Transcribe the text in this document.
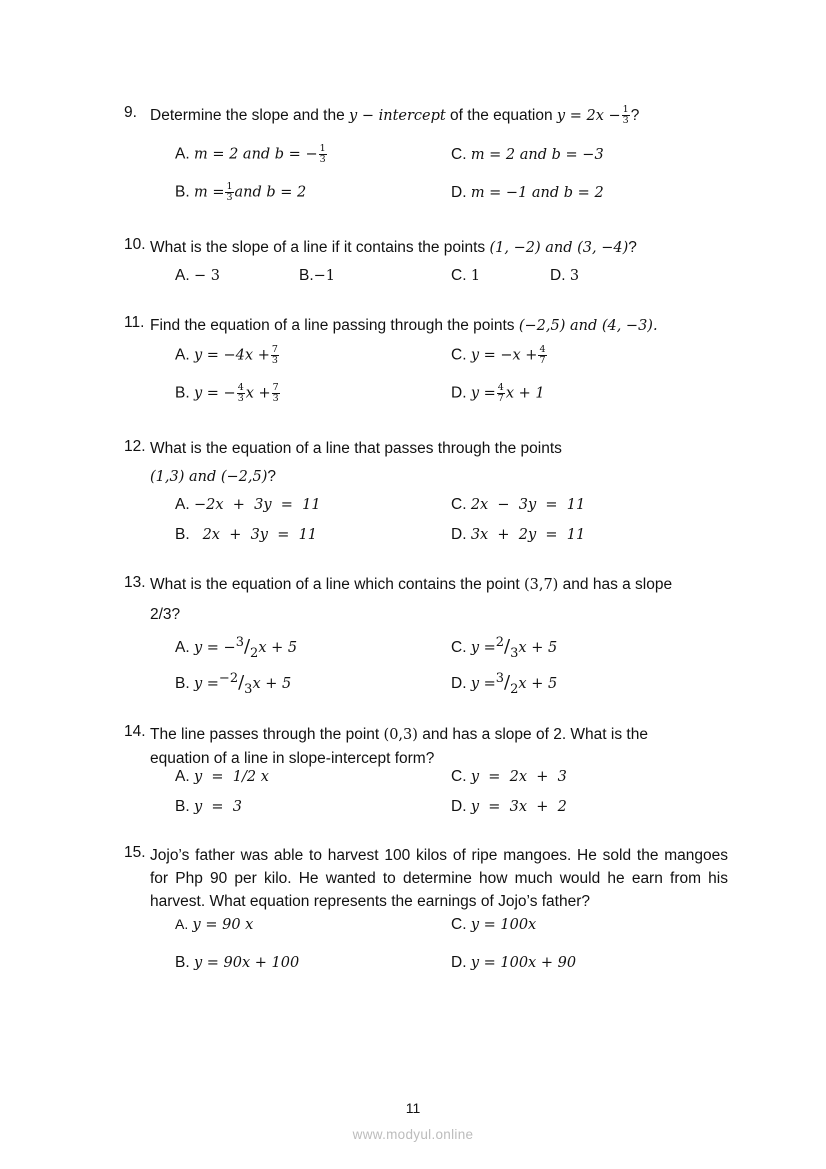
9. Determine the slope and the y − intercept of the equation $y = 2x - \frac{1}{3}$ ?
A. m = 2 and b = − $\frac{1}{3}$	C. m = 2 and b = −3
B. $m = \frac{1}{3}$ and b = 2	D. m = −1 and b = 2
10. What is the slope of a line if it contains the points (1, −2) and (3, −4)?
A. − 3	B.−1	C. 1	D. 3
11. Find the equation of a line passing through the points (−2,5) and (4, −3).
A. $y = -4x + \frac{7}{3}$	C. $y = -x + \frac{4}{7}$
B. y = − $\frac{4}{3}$ $x + \frac{7}{3}$	D. $y = \frac{4}{7}$ x + 1
12. What is the equation of a line that passes through the points
(1,3) and (−2,5)?
A. −2x  +  3y  =  11	C. 2x  −  3y  =  11
B. 2x  +  3y  =  11	D. 3x  +  2y  =  11
13. What is the equation of a line which contains the point (3,7) and has a slope
2/3?
A. $y = -^3/_2x + 5$	C. $y =^2/_3x + 5$
B. $y =^{-2}/_3x + 5$	D. $y =^3/_2x + 5$
14. The line passes through the point (0,3) and has a slope of 2. What is the equation of a line in slope-intercept form?
A. y  =  1/2 x	C. y  =  2x  +  3
B. y  =  3	D. y  =  3x  +  2
15. Jojo’s father was able to harvest 100 kilos of ripe mangoes. He sold the mangoes for Php 90 per kilo. He wanted to determine how much would he earn from his harvest. What equation represents the earnings of Jojo’s father?
A. y = 90 x	C. y = 100x
B. y = 90x + 100	D. y = 100x + 90
11
www.modyul.online
